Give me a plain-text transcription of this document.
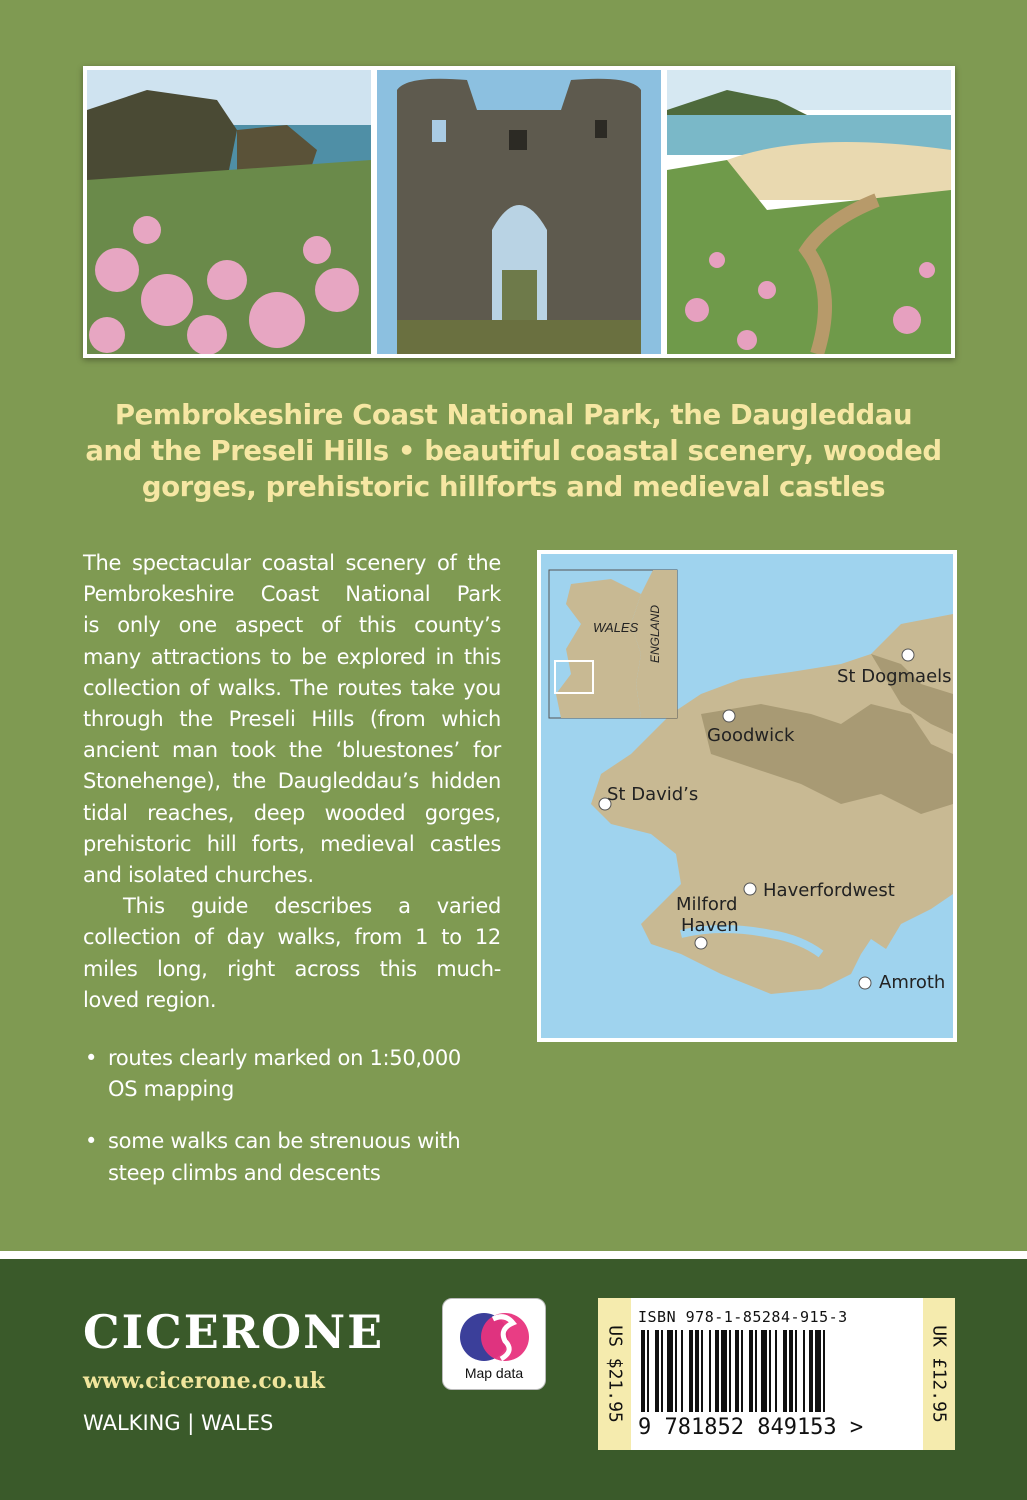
Pembrokeshire Coast National Park, the Daugleddau
and the Preseli Hills • beautiful coastal scenery, wooded
gorges, prehistoric hillforts and medieval castles
The spectacular coastal scenery of the
Pembrokeshire Coast National Park
is only one aspect of this county’s
many attractions to be explored in this
collection of walks. The routes take you
through the Preseli Hills (from which
ancient man took the ‘bluestones’ for
Stonehenge), the Daugleddau’s hidden
tidal reaches, deep wooded gorges,
prehistoric hill forts, medieval castles
and isolated churches.
This guide describes a varied
collection of day walks, from 1 to 12
miles long, right across this much-
loved region.
• routes clearly marked on 1:50,000
OS mapping
• some walks can be strenuous with
steep climbs and descents
WALES ENGLAND
St Dogmaels
Goodwick
St David’s
Haverfordwest
Milford
Haven
Amroth
CICERONE
www.cicerone.co.uk
WALKING | WALES
Map data	US $21.95
ISBN 978-1-85284-915-3
9 781852 849153 >
UK £12.95
